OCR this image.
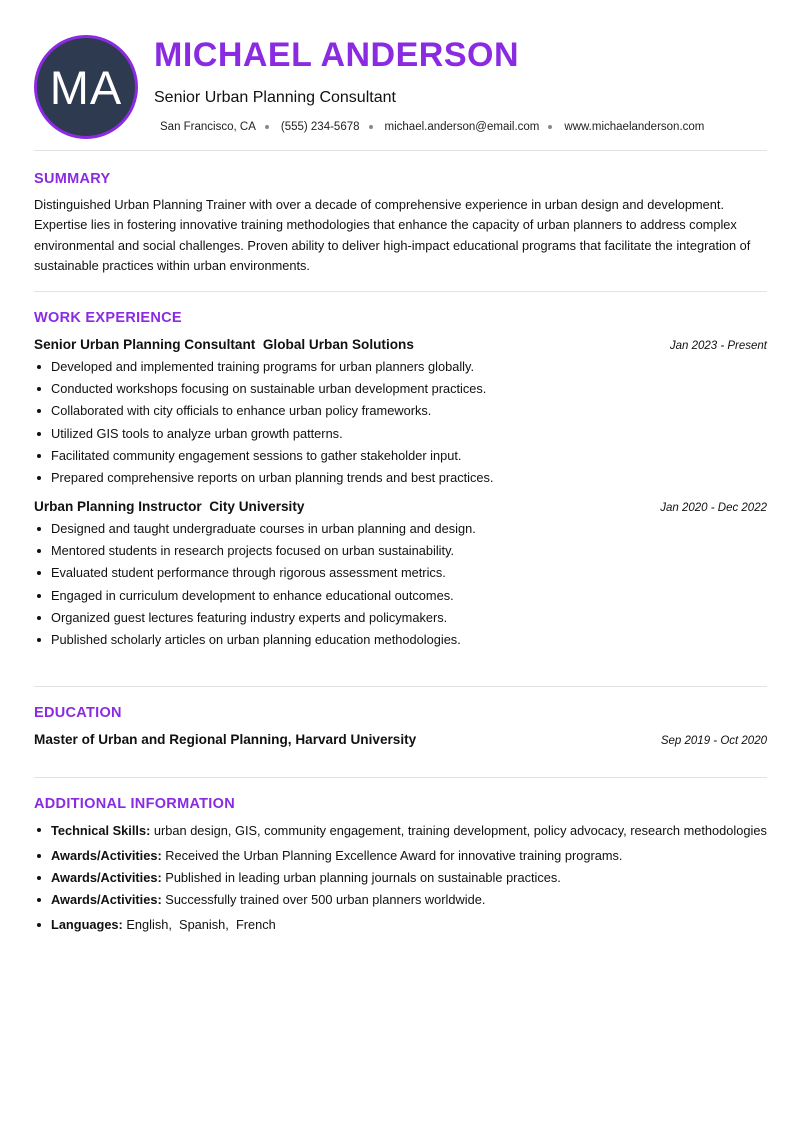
MA
MICHAEL ANDERSON
Senior Urban Planning Consultant
San Francisco, CA (555) 234-5678 michael.anderson@email.com www.michaelanderson.com
SUMMARY

Distinguished Urban Planning Trainer with over a decade of comprehensive experience in urban design and development. Expertise lies in fostering innovative training methodologies that enhance the capacity of urban planners to address complex environmental and social challenges. Proven ability to deliver high-impact educational programs that facilitate the integration of sustainable practices within urban environments.

WORK EXPERIENCE
Senior Urban Planning Consultant Global Urban Solutions	Jan 2023 - Present
Developed and implemented training programs for urban planners globally.
Conducted workshops focusing on sustainable urban development practices.
Collaborated with city officials to enhance urban policy frameworks.
Utilized GIS tools to analyze urban growth patterns.
Facilitated community engagement sessions to gather stakeholder input.
Prepared comprehensive reports on urban planning trends and best practices.
Urban Planning Instructor City University	Jan 2020 - Dec 2022
Designed and taught undergraduate courses in urban planning and design.
Mentored students in research projects focused on urban sustainability.
Evaluated student performance through rigorous assessment metrics.
Engaged in curriculum development to enhance educational outcomes.
Organized guest lectures featuring industry experts and policymakers.
Published scholarly articles on urban planning education methodologies.
EDUCATION
Master of Urban and Regional Planning, Harvard University	Sep 2019 - Oct 2020
ADDITIONAL INFORMATION
Technical Skills: urban design, GIS, community engagement, training development, policy advocacy, research methodologies
Awards/Activities: Received the Urban Planning Excellence Award for innovative training programs.
Awards/Activities: Published in leading urban planning journals on sustainable practices.
Awards/Activities: Successfully trained over 500 urban planners worldwide.
Languages: English,  Spanish,  French
